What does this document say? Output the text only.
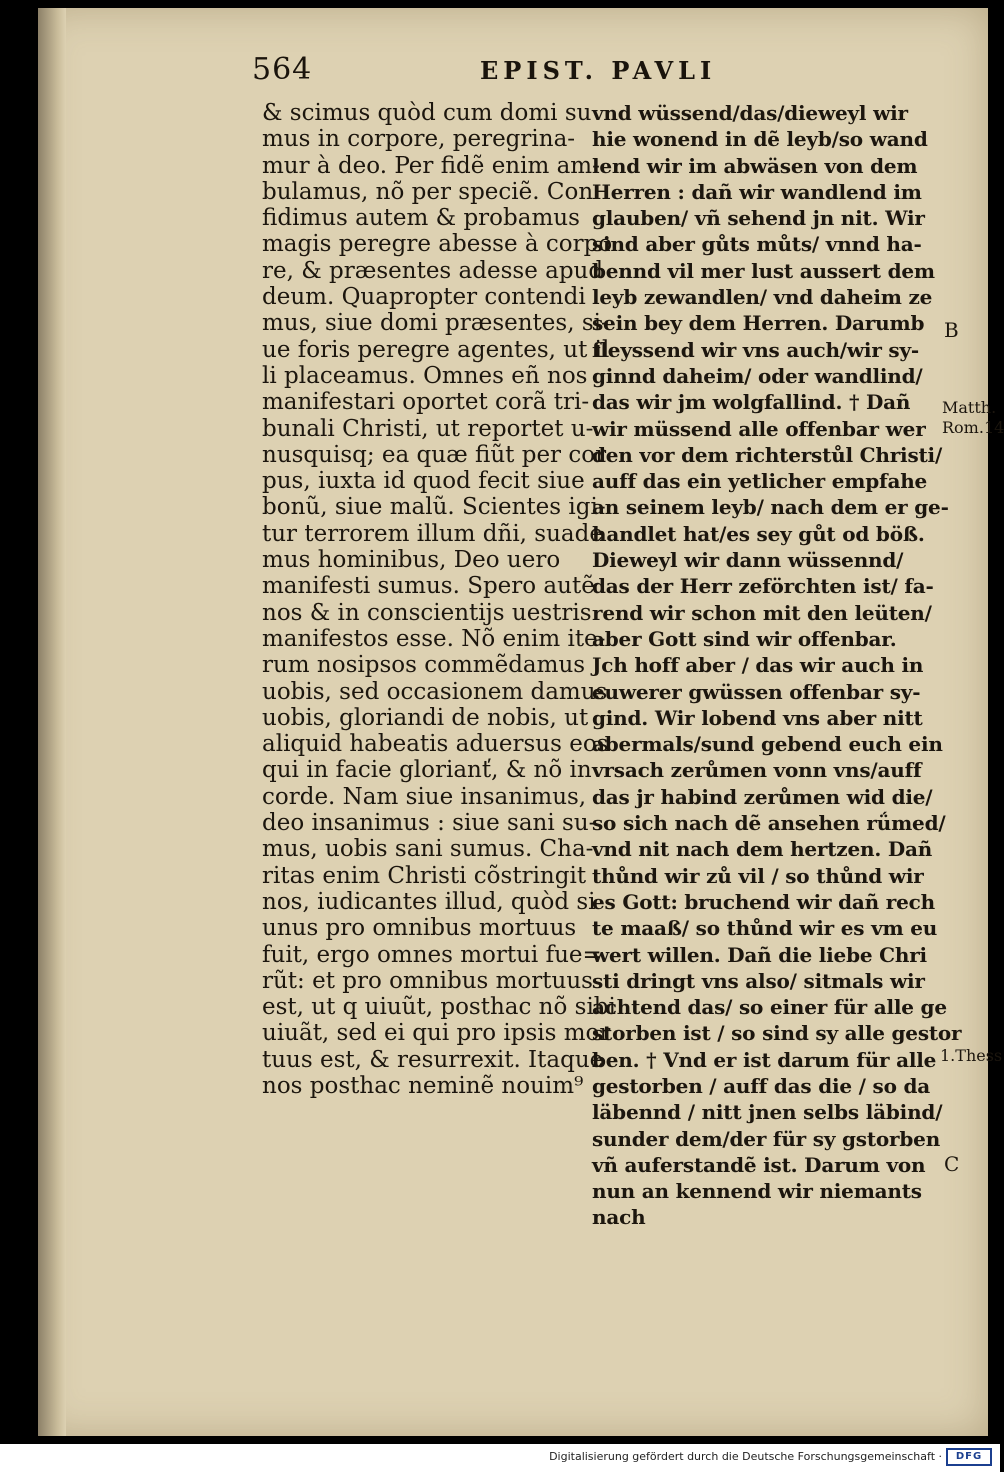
564	EPIST. PAVLI
& scimus quòd cum domi su
mus in corpore, peregrina-
mur à deo. Per fidẽ enim am-
bulamus, nõ per speciẽ. Con
fidimus autem & probamus
magis peregre abesse à corpo
re, & præsentes adesse apud
deum. Quapropter contendi
mus, siue domi præsentes, si-
ue foris peregre agentes, ut il
li placeamus. Omnes eñ nos
manifestari oportet corã tri-
bunali Christi, ut reportet u-
nusquisq; ea quæ fiũt per cor
pus, iuxta id quod fecit siue
bonũ, siue malũ. Scientes igi-
tur terrorem illum dñi, suade
mus hominibus, Deo uero
manifesti sumus. Spero autẽ
nos & in conscientijs uestris
manifestos esse. Nõ enim ite-
rum nosipsos commẽdamus
uobis, sed occasionem damus
uobis, gloriandi de nobis, ut
aliquid habeatis aduersus eos
qui in facie glorianť, & nõ in
corde. Nam siue insanimus,
deo insanimus : siue sani su-
mus, uobis sani sumus. Cha-
ritas enim Christi cõstringit
nos, iudicantes illud, quòd si
unus pro omnibus mortuus
fuit, ergo omnes mortui fue=
rũt: et pro omnibus mortuus
est, ut q uiuũt, posthac nõ sibi
uiuãt, sed ei qui pro ipsis mor
tuus est, & resurrexit. Itaque
nos posthac neminẽ nouim⁹
vnd wüssend/das/dieweyl wir
hie wonend in dẽ leyb/so wand
lend wir im abwäsen von dem
Herren : dañ wir wandlend im
glauben/ vñ sehend jn nit. Wir
sind aber gůts můts/ vnnd ha-
bennd vil mer lust aussert dem
leyb zewandlen/ vnd daheim ze
sein bey dem Herren. Darumb
fleyssend wir vns auch/wir sy-
ginnd daheim/ oder wandlind/
das wir jm wolgfallind. † Dañ
wir müssend alle offenbar wer
den vor dem richterstůl Christi/
auff das ein yetlicher empfahe
an seinem leyb/ nach dem er ge-
handlet hat/es sey gůt od böß.
Dieweyl wir dann wüssennd/
das der Herr zeförchten ist/ fa-
rend wir schon mit den leüten/
aber Gott sind wir offenbar.
Jch hoff aber / das wir auch in
euwerer gwüssen offenbar sy-
gind. Wir lobend vns aber nitt
abermals/sund gebend euch ein
vrsach zerůmen vonn vns/auff
das jr habind zerůmen wid die/
so sich nach dẽ ansehen rǘmed/
vnd nit nach dem hertzen. Dañ
thůnd wir zů vil / so thůnd wir
es Gott: bruchend wir dañ rech
te maaß/ so thůnd wir es vm eu
wert willen. Dañ die liebe Chri
sti dringt vns also/ sitmals wir
achtend das/ so einer für alle ge
storben ist / so sind sy alle gestor
ben. † Vnd er ist darum für alle
gestorben / auff das die / so da
läbennd / nitt jnen selbs läbind/
sunder dem/der für sy gstorben
vñ auferstandẽ ist. Darum von
nun an kennend wir niemants
nach
B
Matth.
Rom.14
1.Thess
C
Digitalisierung gefördert durch die Deutsche Forschungsgemeinschaft ·	DFG
